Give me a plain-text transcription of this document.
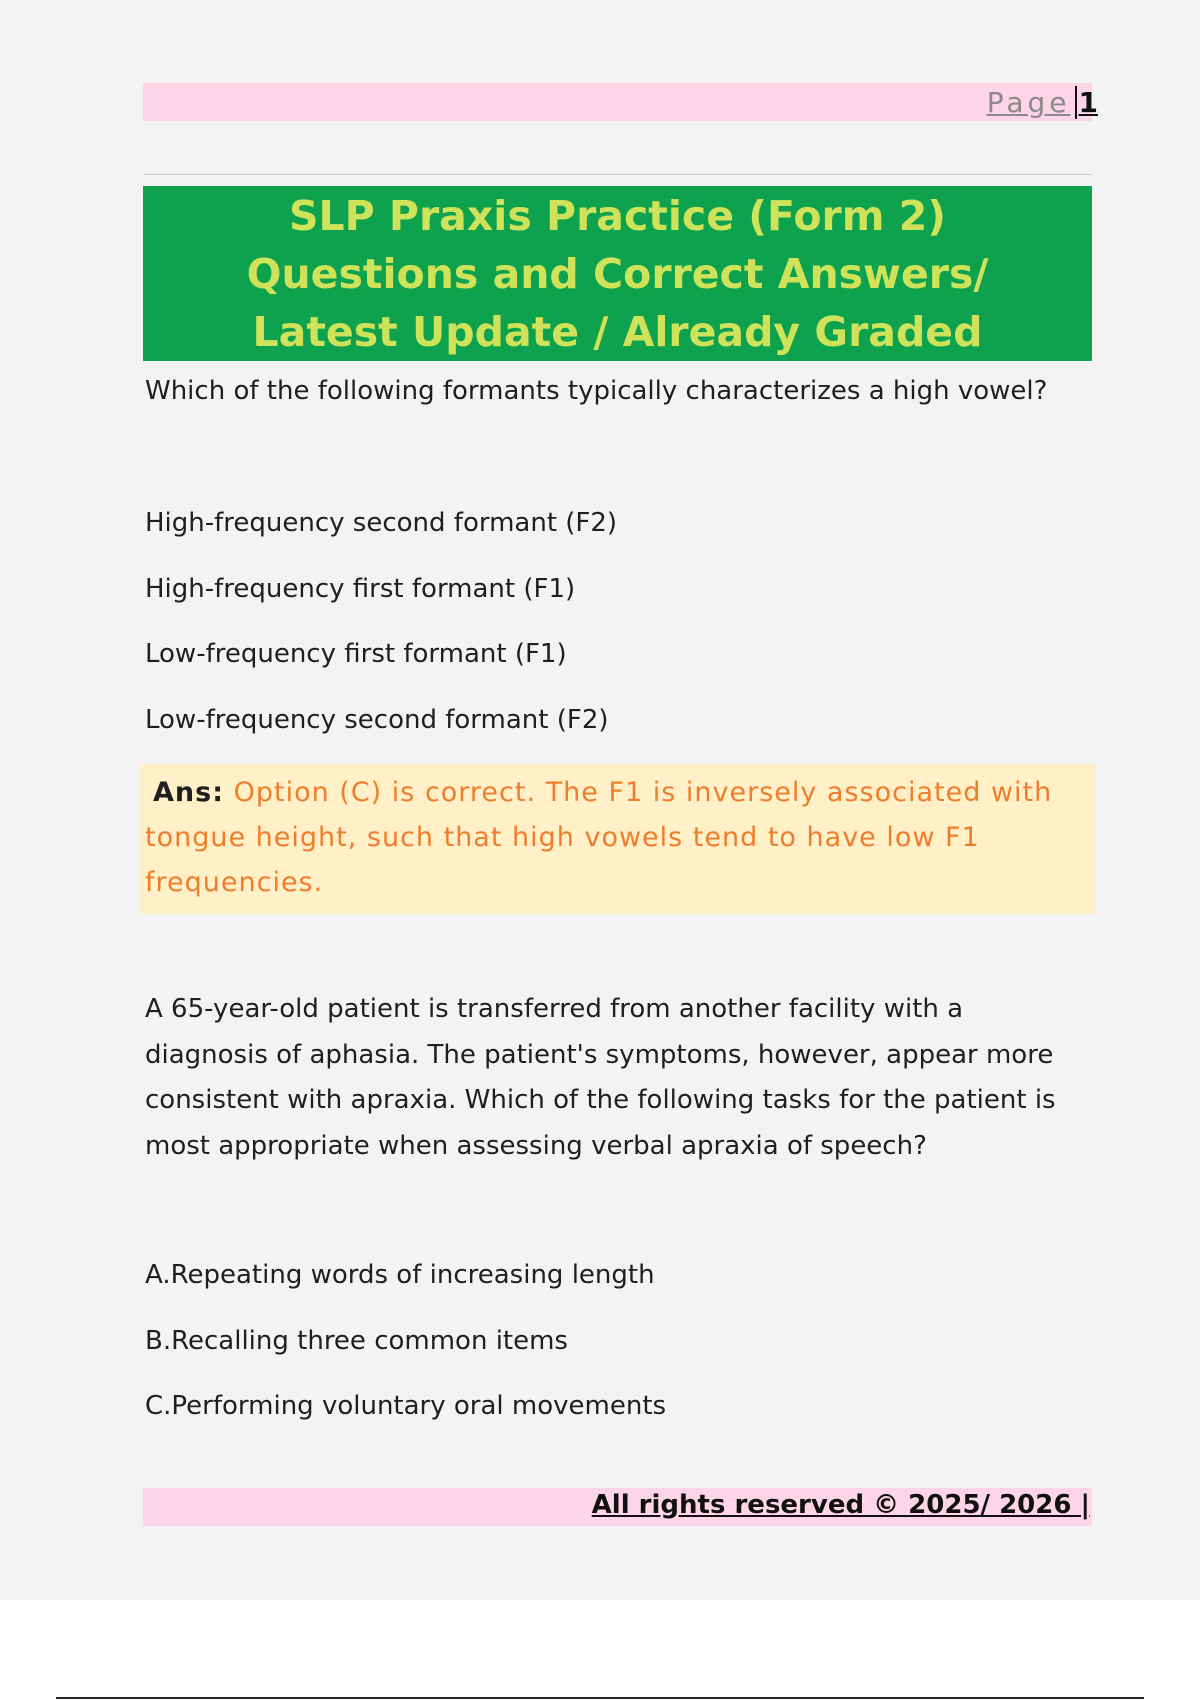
Page 1
SLP Praxis Practice (Form 2) Questions and Correct Answers/ Latest Update / Already Graded
Which of the following formants typically characterizes a high vowel?
High-frequency second formant (F2)
High-frequency first formant (F1)
Low-frequency first formant (F1)
Low-frequency second formant (F2)
Ans: Option (C) is correct. The F1 is inversely associated with tongue height, such that high vowels tend to have low F1 frequencies.
A 65-year-old patient is transferred from another facility with a diagnosis of aphasia. The patient's symptoms, however, appear more consistent with apraxia. Which of the following tasks for the patient is most appropriate when assessing verbal apraxia of speech?
A.Repeating words of increasing length
B.Recalling three common items
C.Performing voluntary oral movements
All rights reserved © 2025/ 2026 |
